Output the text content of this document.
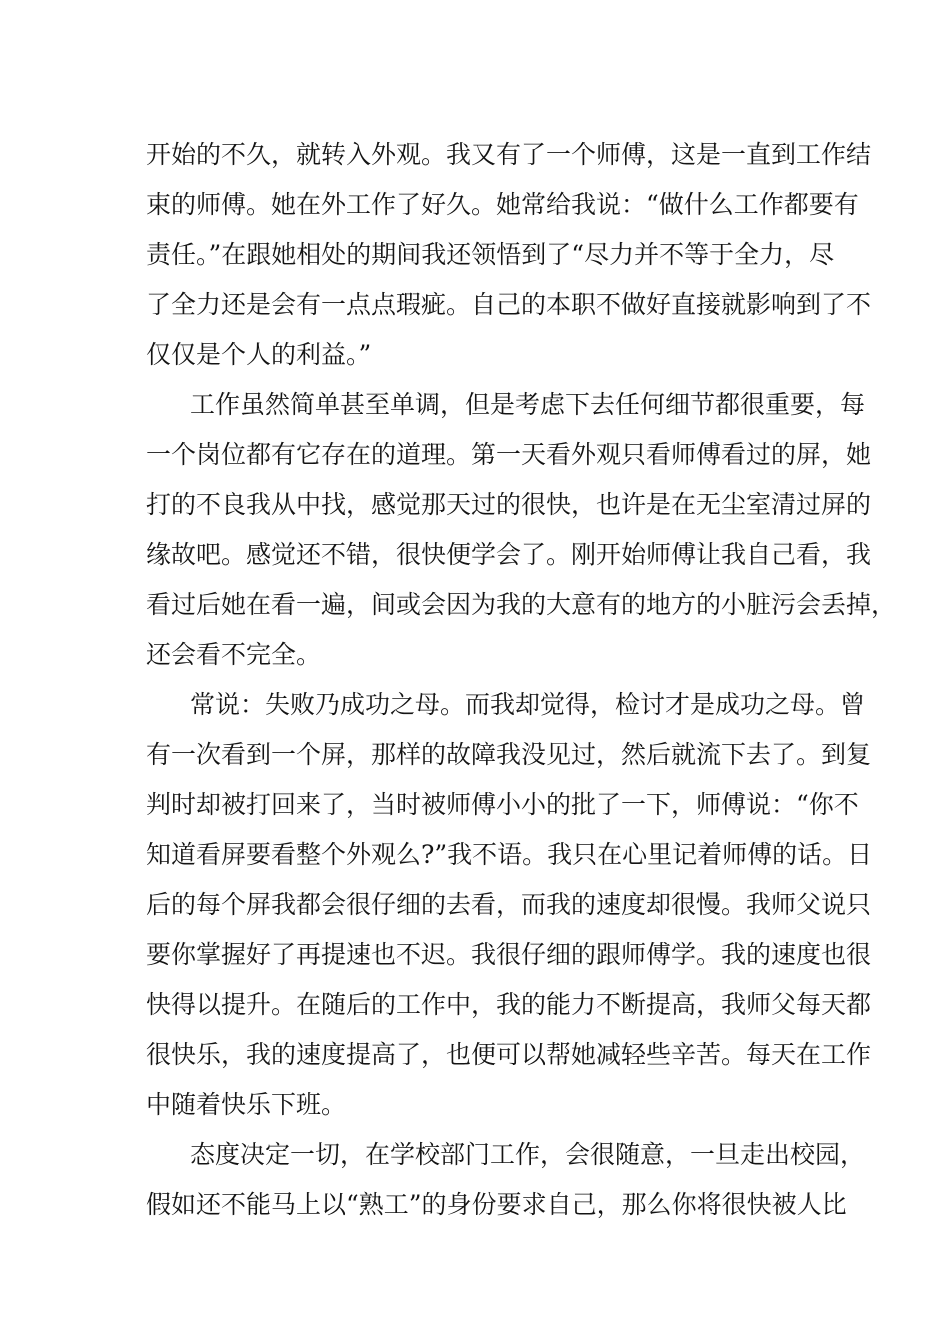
开始的不久，就转入外观。我又有了一个师傅，这是一直到工作结
束的师傅。她在外工作了好久。她常给我说：“做什么工作都要有
责任。”在跟她相处的期间我还领悟到了“尽力并不等于全力，尽
了全力还是会有一点点瑕疵。自己的本职不做好直接就影响到了不
仅仅是个人的利益。”
工作虽然简单甚至单调，但是考虑下去任何细节都很重要，每
一个岗位都有它存在的道理。第一天看外观只看师傅看过的屏，她
打的不良我从中找，感觉那天过的很快，也许是在无尘室清过屏的
缘故吧。感觉还不错，很快便学会了。刚开始师傅让我自己看，我
看过后她在看一遍，间或会因为我的大意有的地方的小脏污会丢掉，
还会看不完全。
常说：失败乃成功之母。而我却觉得，检讨才是成功之母。曾
有一次看到一个屏，那样的故障我没见过，然后就流下去了。到复
判时却被打回来了，当时被师傅小小的批了一下，师傅说：“你不
知道看屏要看整个外观么?”我不语。我只在心里记着师傅的话。日
后的每个屏我都会很仔细的去看，而我的速度却很慢。我师父说只
要你掌握好了再提速也不迟。我很仔细的跟师傅学。我的速度也很
快得以提升。在随后的工作中，我的能力不断提高，我师父每天都
很快乐，我的速度提高了，也便可以帮她减轻些辛苦。每天在工作
中随着快乐下班。
态度决定一切，在学校部门工作，会很随意，一旦走出校园，
假如还不能马上以“熟工”的身份要求自己，那么你将很快被人比
